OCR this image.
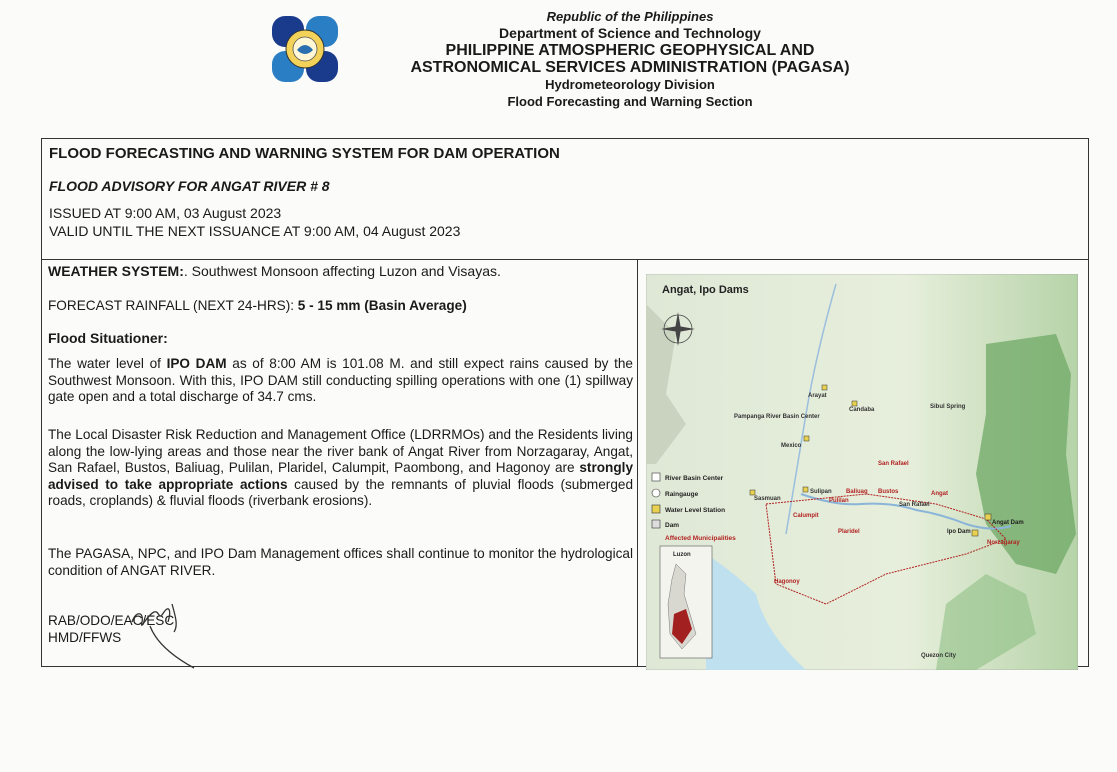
Republic of the Philippines
Department of Science and Technology
PHILIPPINE ATMOSPHERIC GEOPHYSICAL AND
ASTRONOMICAL SERVICES ADMINISTRATION (PAGASA)
Hydrometeorology Division
Flood Forecasting and Warning Section
FLOOD FORECASTING AND WARNING SYSTEM FOR DAM OPERATION
FLOOD ADVISORY FOR ANGAT RIVER # 8
ISSUED AT 9:00 AM, 03 August 2023
VALID UNTIL THE NEXT ISSUANCE AT 9:00 AM, 04 August 2023
WEATHER SYSTEM:. Southwest Monsoon affecting Luzon and Visayas.
FORECAST RAINFALL (NEXT 24-HRS): 5 - 15 mm (Basin Average)
Flood Situationer:
The water level of IPO DAM as of 8:00 AM is 101.08 M. and still expect rains caused by the Southwest Monsoon. With this, IPO DAM still conducting spilling operations with one (1) spillway gate open and a total discharge of 34.7 cms.
The Local Disaster Risk Reduction and Management Office (LDRRMOs) and the Residents living along the low-lying areas and those near the river bank of Angat River from Norzagaray, Angat, San Rafael, Bustos, Baliuag, Pulilan, Plaridel, Calumpit, Paombong, and Hagonoy are strongly advised to take appropriate actions caused by the remnants of pluvial floods (submerged roads, croplands) & fluvial floods (riverbank erosions).
The PAGASA, NPC, and IPO Dam Management offices shall continue to monitor the hydrological condition of ANGAT RIVER.
RAB/ODO/EAC/ESC
HMD/FFWS
Angat, Ipo Dams
Arayat
Candaba	Sibul Spring
Pampanga River Basin Center
Mexico
Sulipan
Sasmuan
San Rafael
Angat
Baliuag Bustos
San Rafael
Pulilan
Calumpit
Plaridel	Ipo Dam
Angat Dam
Norzagaray
Hagonoy
Quezon City
River Basin Center
Raingauge
Water Level Station
Dam
Affected Municipalities
Luzon
